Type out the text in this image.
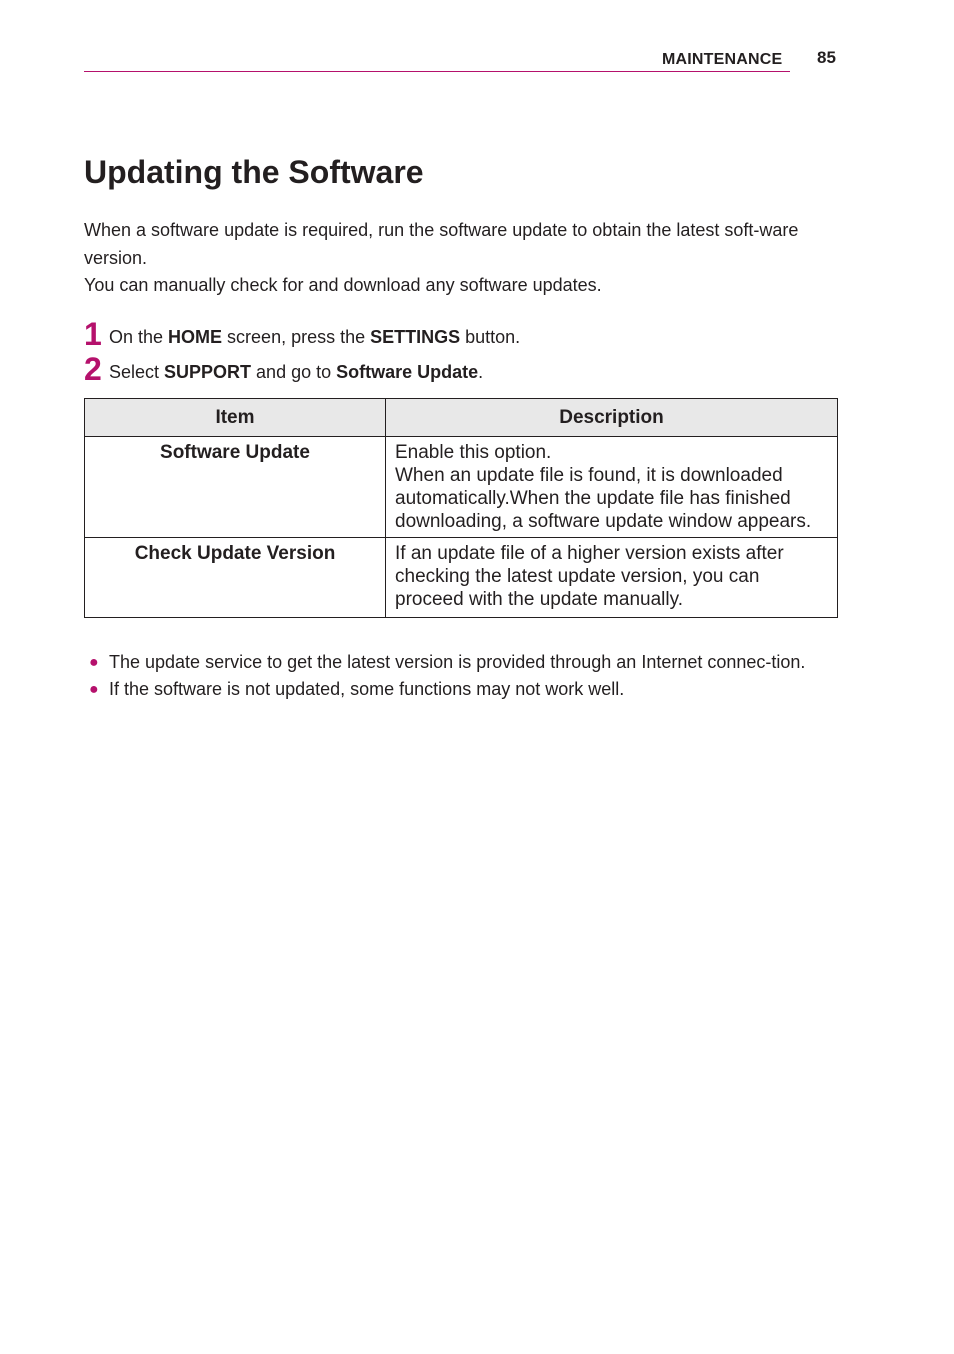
MAINTENANCE 85
Updating the Software

When a software update is required, run the software update to obtain the latest soft-ware version.

You can manually check for and download any software updates.

1 On the HOME screen, press the SETTINGS button.
2 Select SUPPORT and go to Software Update.
Item	Description
Software Update	Enable this option.
When an update file is found, it is downloaded automatically.When the update file has finished downloading, a software update window appears.

Check Update Version	If an update file of a higher version exists after checking the latest update version, you can proceed with the update manually.
● The update service to get the latest version is provided through an Internet connec-tion.
● If the software is not updated, some functions may not work well.
